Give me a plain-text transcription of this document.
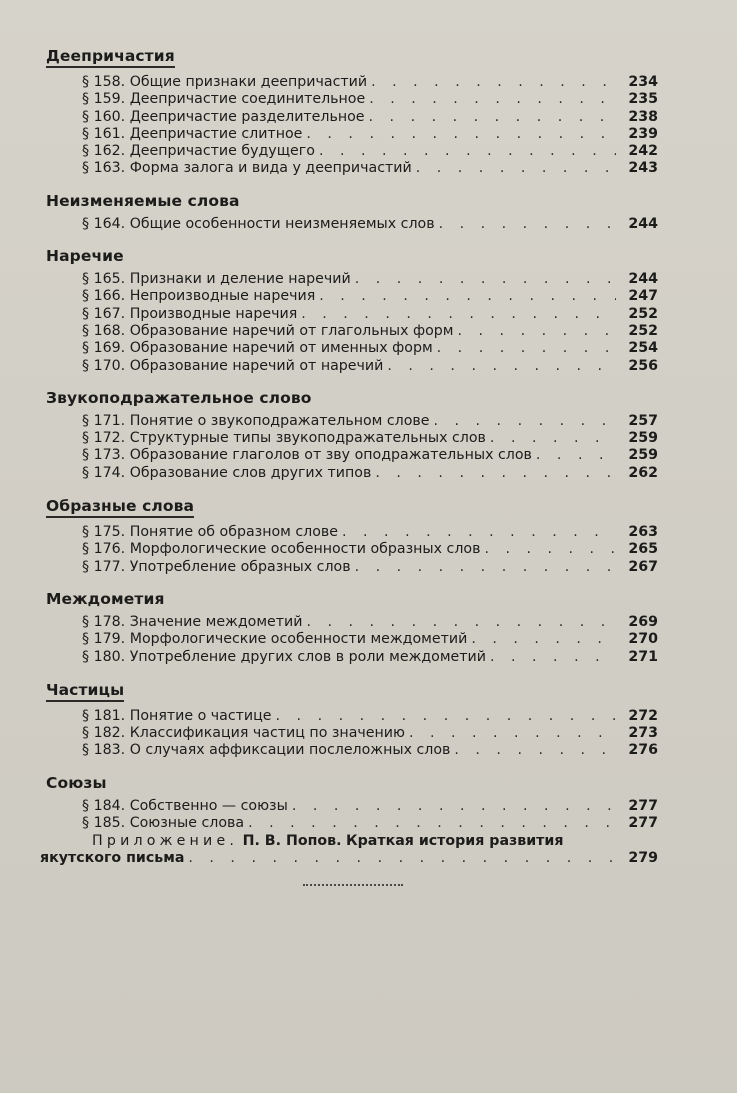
Деепричастия
§ 158. Общие признаки деепричастий . . .	234
§ 159. Деепричастие соединительное . . .	235
§ 160. Деепричастие разделительное . . .	238
§ 161. Деепричастие слитное . . .	239
§ 162. Деепричастие будущего . . .	242
§ 163. Форма залога и вида у деепричастий . . .	243
Неизменяемые слова
§ 164. Общие особенности неизменяемых слов . . .	244
Наречие
§ 165. Признаки и деление наречий . . .	244
§ 166. Непроизводные наречия . . .	247
§ 167. Производные наречия . . .	252
§ 168. Образование наречий от глагольных форм . . .	252
§ 169. Образование наречий от именных форм . . .	254
§ 170. Образование наречий от наречий . . .	256
Звукоподражательное слово
§ 171. Понятие о звукоподражательном слове . . .	257
§ 172. Структурные типы звукоподражательных слов . . .	259
§ 173. Образование глаголов от зву оподражательных слов . . .	259
§ 174. Образование слов других типов . . .	262
Образные слова
§ 175. Понятие об образном слове . . .	263
§ 176. Морфологические особенности образных слов . . .	265
§ 177. Употребление образных слов . . .	267
Междометия
§ 178. Значение междометий . . .	269
§ 179. Морфологические особенности междометий . . .	270
§ 180. Употребление других слов в роли междометий . . .	271
Частицы
§ 181. Понятие о частице . . .	272
§ 182. Классификация частиц по значению . . .	273
§ 183. О случаях аффиксации послеложных слов . . .	276
Союзы
§ 184. Собственно — союзы . . .	277
§ 185. Союзные слова . . .	277
Приложение. П. В. Попов. Краткая история развития
якутского письма . . .	279
